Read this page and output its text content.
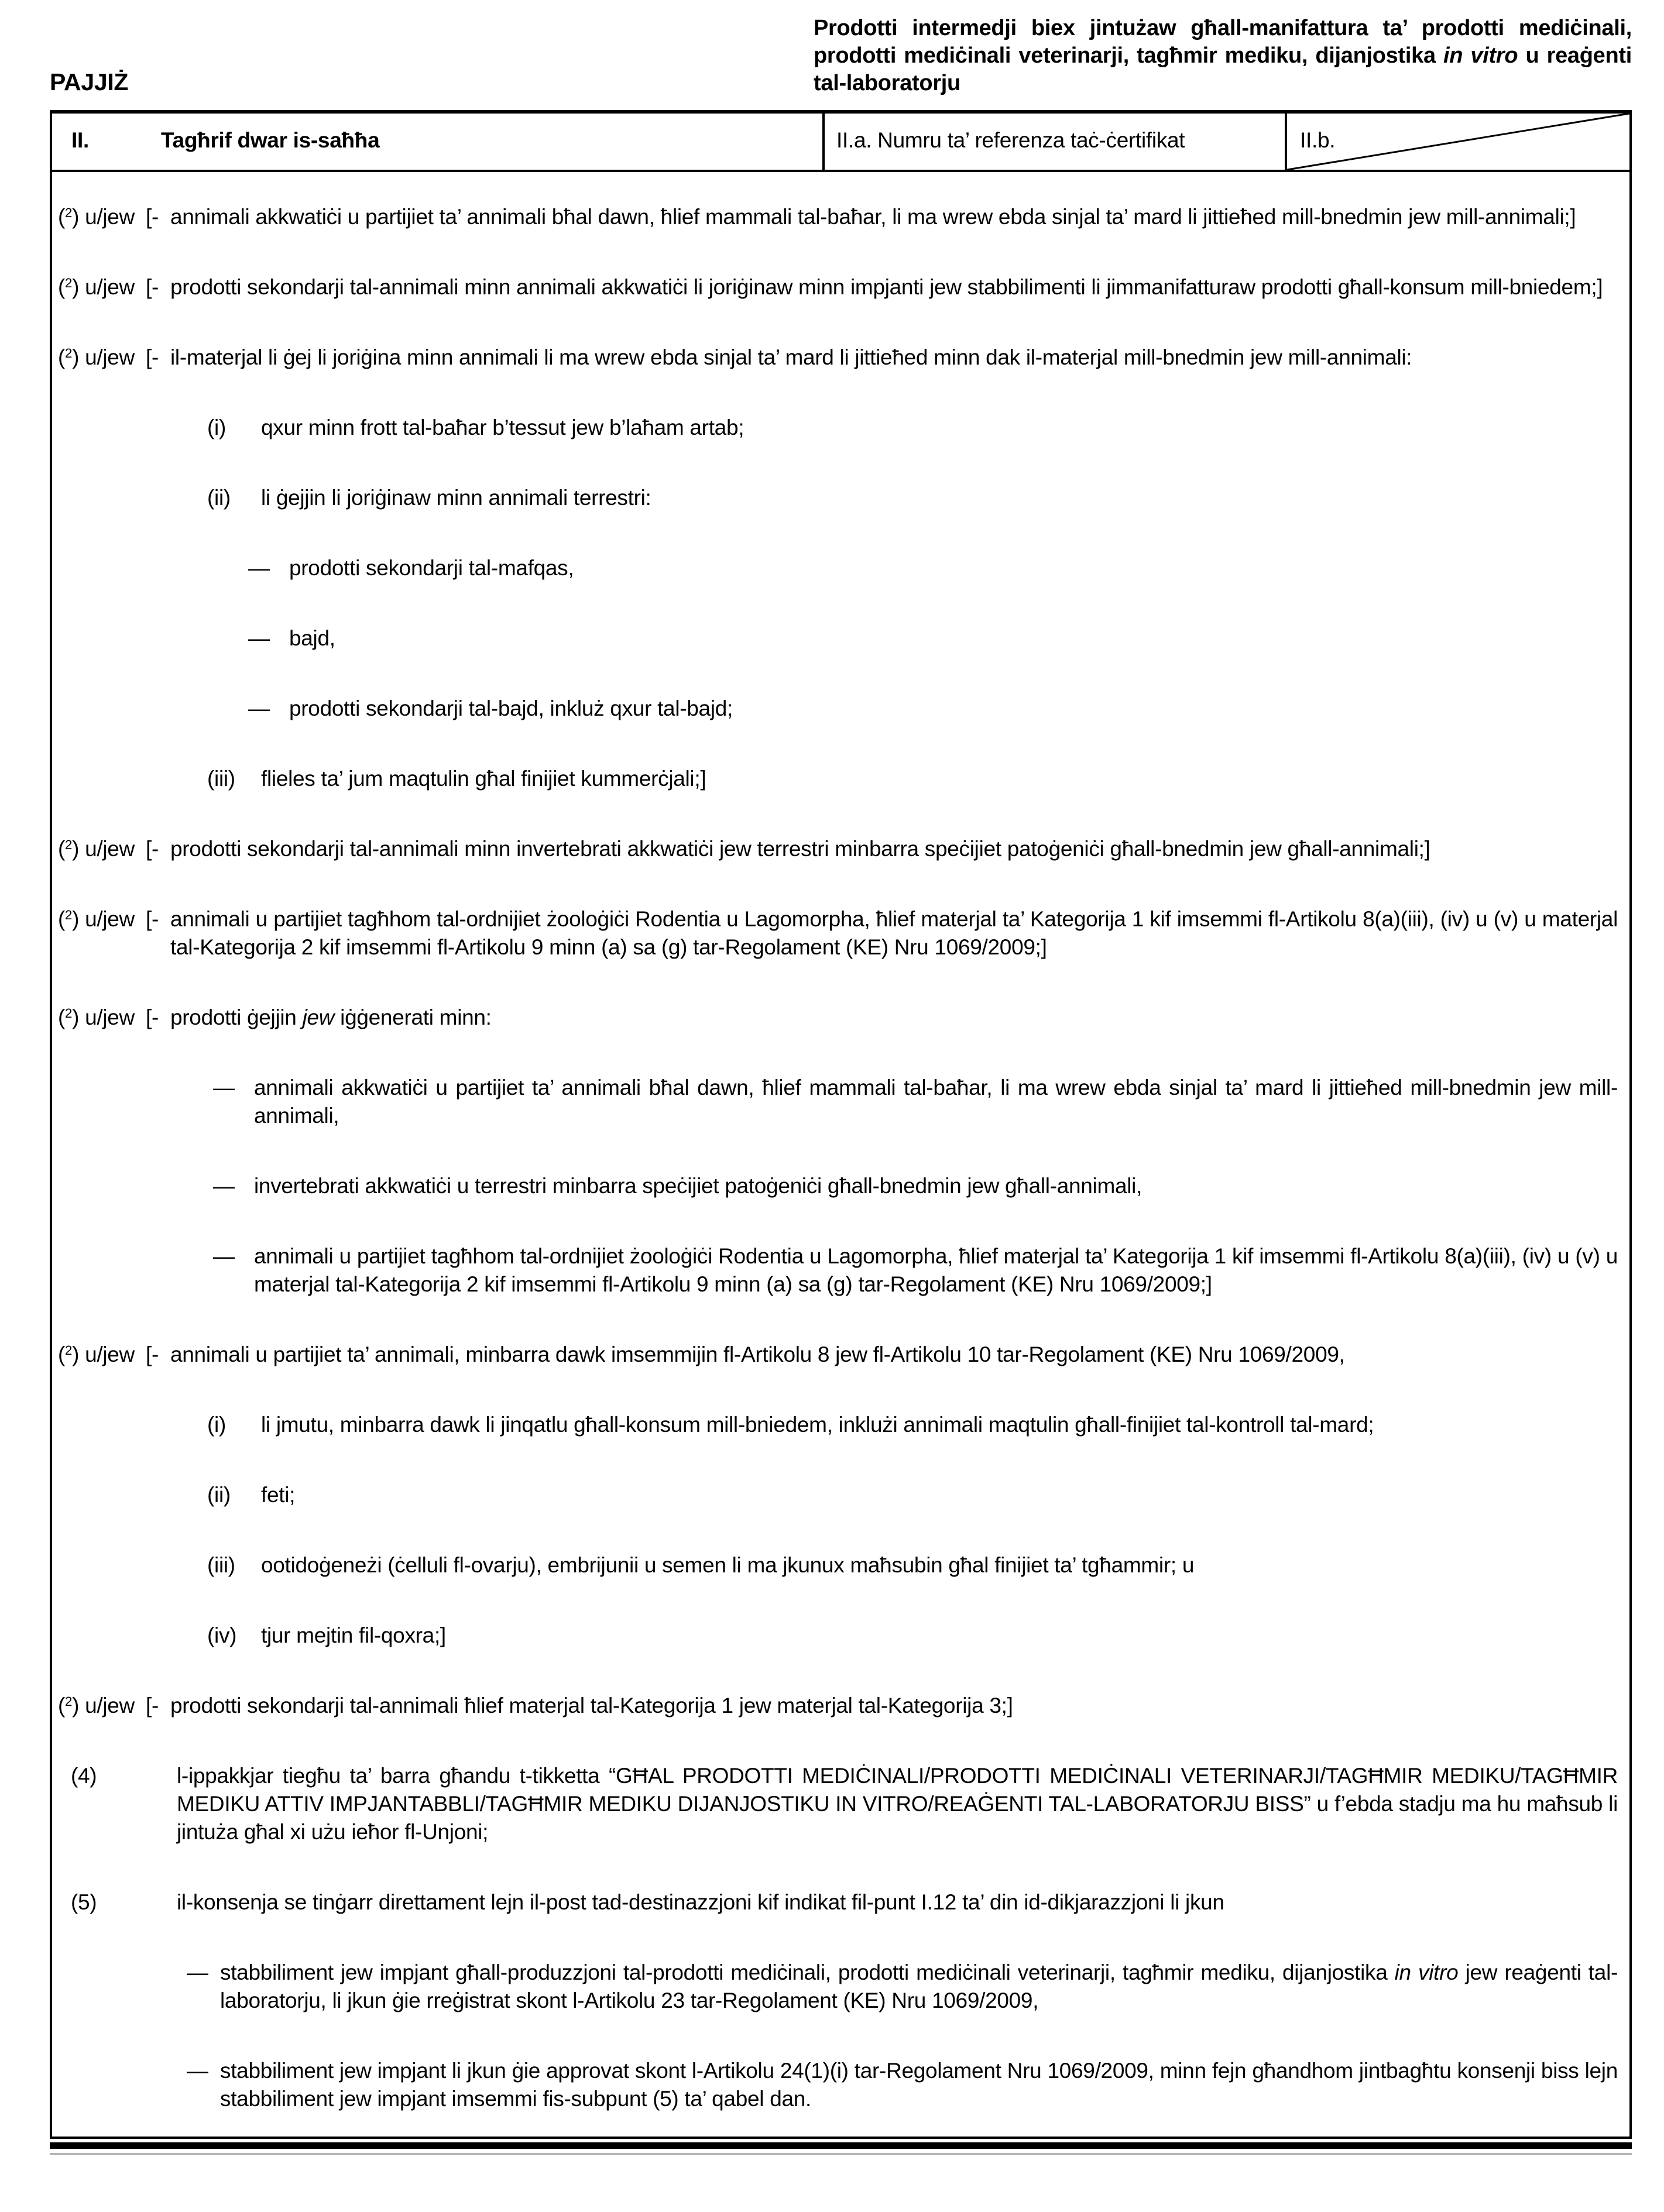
PAJJIŻ
Prodotti intermedji biex jintużaw għall-manifattura ta’ prodotti mediċinali, prodotti mediċinali veterinarji, tagħmir mediku, dijanjostika in vitro u reaġenti tal-laboratorju
II.	Tagħrif dwar is-saħħa	II.a. Numru ta’ referenza taċ-ċertifikat	II.b.
($^2$) u/jew [- annimali akkwatiċi u partijiet ta’ annimali bħal dawn, ħlief mammali tal-baħar, li ma wrew ebda sinjal ta’ mard li jittieħed mill-bnedmin jew mill-annimali;]
($^2$) u/jew [- prodotti sekondarji tal-annimali minn annimali akkwatiċi li joriġinaw minn impjanti jew stabbilimenti li jimmanifatturaw prodotti għall-konsum mill-bniedem;]
($^2$) u/jew [- il-materjal li ġej li joriġina minn annimali li ma wrew ebda sinjal ta’ mard li jittieħed minn dak il-materjal mill-bnedmin jew mill-annimali:
(i)	qxur minn frott tal-baħar b’tessut jew b’laħam artab;
(ii)	li ġejjin li joriġinaw minn annimali terrestri:
— prodotti sekondarji tal-mafqas,
— bajd,
— prodotti sekondarji tal-bajd, inkluż qxur tal-bajd;
(iii)	flieles ta’ jum maqtulin għal finijiet kummerċjali;]
($^2$) u/jew [- prodotti sekondarji tal-annimali minn invertebrati akkwatiċi jew terrestri minbarra speċijiet patoġeniċi għall-bnedmin jew għall-annimali;]
($^2$) u/jew [- annimali u partijiet tagħhom tal-ordnijiet żooloġiċi Rodentia u Lagomorpha, ħlief materjal ta’ Kategorija 1 kif imsemmi fl-Artikolu 8(a)(iii), (iv) u (v) u materjal tal-Kategorija 2 kif imsemmi fl-Artikolu 9 minn (a) sa (g) tar-Regolament (KE) Nru 1069/2009;]
($^2$) u/jew [- prodotti ġejjin jew iġġenerati minn:
— annimali akkwatiċi u partijiet ta’ annimali bħal dawn, ħlief mammali tal-baħar, li ma wrew ebda sinjal ta’ mard li jittieħed mill-bnedmin jew mill-annimali,
— invertebrati akkwatiċi u terrestri minbarra speċijiet patoġeniċi għall-bnedmin jew għall-annimali,
— annimali u partijiet tagħhom tal-ordnijiet żooloġiċi Rodentia u Lagomorpha, ħlief materjal ta’ Kategorija 1 kif imsemmi fl-Artikolu 8(a)(iii), (iv) u (v) u materjal tal-Kategorija 2 kif imsemmi fl-Artikolu 9 minn (a) sa (g) tar-Regolament (KE) Nru 1069/2009;]
($^2$) u/jew [- annimali u partijiet ta’ annimali, minbarra dawk imsemmijin fl-Artikolu 8 jew fl-Artikolu 10 tar-Regolament (KE) Nru 1069/2009,
(i)	li jmutu, minbarra dawk li jinqatlu għall-konsum mill-bniedem, inklużi annimali maqtulin għall-finijiet tal-kontroll tal-mard;
(ii)	feti;
(iii)	ootidoġeneżi (ċelluli fl-ovarju), embrijunii u semen li ma jkunux maħsubin għal finijiet ta’ tgħammir; u
(iv)	tjur mejtin fil-qoxra;]
($^2$) u/jew [- prodotti sekondarji tal-annimali ħlief materjal tal-Kategorija 1 jew materjal tal-Kategorija 3;]
(4)	l-ippakkjar tiegħu ta’ barra għandu t-tikketta “GĦAL PRODOTTI MEDIĊINALI/PRODOTTI MEDIĊINALI VETERINARJI/TAGĦMIR MEDIKU/TAGĦMIR MEDIKU ATTIV IMPJANTABBLI/TAGĦMIR MEDIKU DIJANJOSTIKU IN VITRO/REAĠENTI TAL-LABORATORJU BISS” u f’ebda stadju ma hu maħsub li jintuża għal xi użu ieħor fl-Unjoni;
(5)	il-konsenja se tinġarr direttament lejn il-post tad-destinazzjoni kif indikat fil-punt I.12 ta’ din id-dikjarazzjoni li jkun
— stabbiliment jew impjant għall-produzzjoni tal-prodotti mediċinali, prodotti mediċinali veterinarji, tagħmir mediku, dijanjostika in vitro jew reaġenti tal-laboratorju, li jkun ġie rreġistrat skont l-Artikolu 23 tar-Regolament (KE) Nru 1069/2009,
— stabbiliment jew impjant li jkun ġie approvat skont l-Artikolu 24(1)(i) tar-Regolament Nru 1069/2009, minn fejn għandhom jintbagħtu konsenji biss lejn stabbiliment jew impjant imsemmi fis-subpunt (5) ta’ qabel dan.
